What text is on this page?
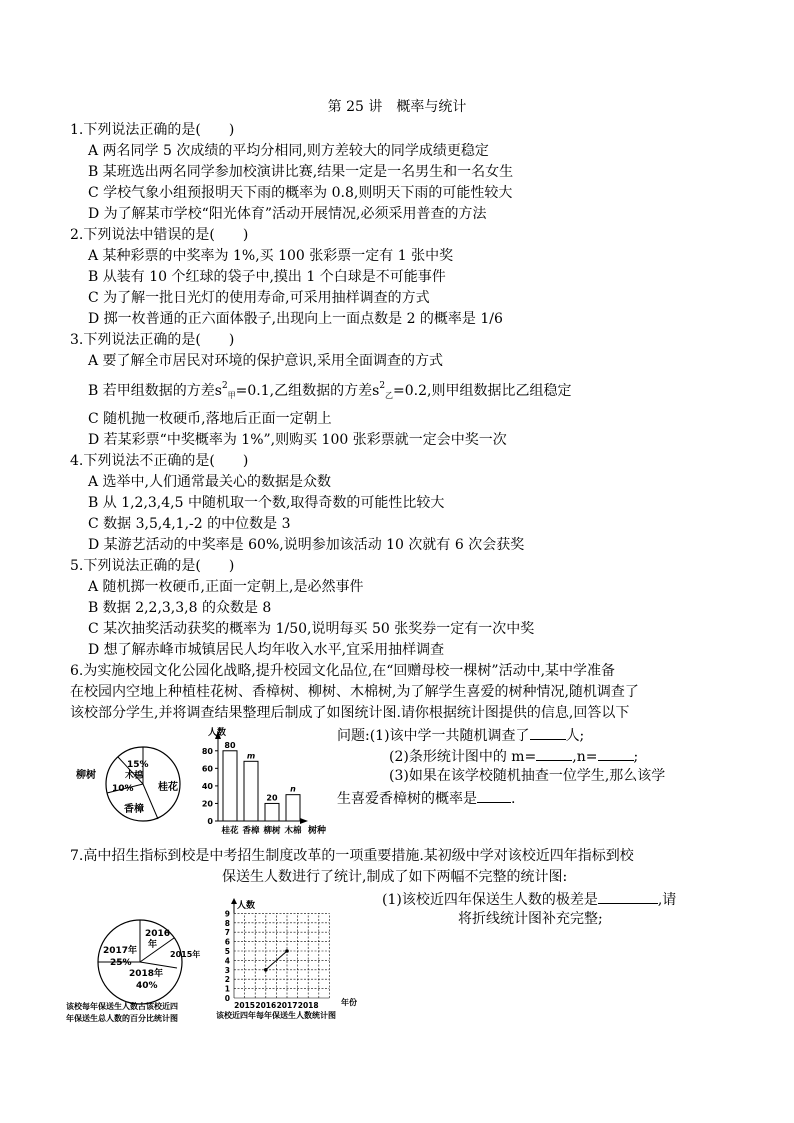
第 25 讲　概率与统计
1.下列说法正确的是(　　)
A 两名同学 5 次成绩的平均分相同,则方差较大的同学成绩更稳定
B 某班选出两名同学参加校演讲比赛,结果一定是一名男生和一名女生
C 学校气象小组预报明天下雨的概率为 0.8,则明天下雨的可能性较大
D 为了解某市学校“阳光体育”活动开展情况,必须采用普查的方法
2.下列说法中错误的是(　　)
A 某种彩票的中奖率为 1%,买 100 张彩票一定有 1 张中奖
B 从装有 10 个红球的袋子中,摸出 1 个白球是不可能事件
C 为了解一批日光灯的使用寿命,可采用抽样调查的方式
D 掷一枚普通的正六面体骰子,出现向上一面点数是 2 的概率是 1/6
3.下列说法正确的是(　　)
A 要了解全市居民对环境的保护意识,采用全面调查的方式
B 若甲组数据的方差$s^2_甲=0.1$,乙组数据的方差$s^2_乙=0.2$,则甲组数据比乙组稳定
C 随机抛一枚硬币,落地后正面一定朝上
D 若某彩票“中奖概率为 1%”,则购买 100 张彩票就一定会中奖一次
4.下列说法不正确的是(　　)
A 选举中,人们通常最关心的数据是众数
B 从 1,2,3,4,5 中随机取一个数,取得奇数的可能性比较大
C 数据 3,5,4,1,-2 的中位数是 3
D 某游艺活动的中奖率是 60%,说明参加该活动 10 次就有 6 次会获奖
5.下列说法正确的是(　　)
A 随机掷一枚硬币,正面一定朝上,是必然事件
B 数据 2,2,3,3,8 的众数是 8
C 某次抽奖活动获奖的概率为 1/50,说明每买 50 张奖券一定有一次中奖
D 想了解赤峰市城镇居民人均年收入水平,宜采用抽样调查
6.为实施校园文化公园化战略,提升校园文化品位,在“回赠母校一棵树”活动中,某中学准备
在校园内空地上种植桂花树、香樟树、柳树、木棉树,为了解学生喜爱的树种情况,随机调查了
该校部分学生,并将调查结果整理后制成了如图统计图.请你根据统计图提供的信息,回答以下
问题:(1)该中学一共随机调查了	人;
(2)条形统计图中的 m=	,n=	;
(3)如果在该学校随机抽查一位学生,那么该学
生喜爱香樟树的概率是 .
柳树
15%
木棉
10% 桂花
香樟
人数
树种
0
20
40
60
80
80
桂花
m
香樟
20
柳树
n
木棉
7.高中招生指标到校是中考招生制度改革的一项重要措施.某初级中学对该校近四年指标到校
保送生人数进行了统计,制成了如下两幅不完整的统计图:
(1)该校近四年保送生人数的极差是	,请
将折线统计图补充完整;
2016
年
2015年
2017年
25%
2018年
40%
该校每年保送生人数占该校近四
年保送生总人数的百分比统计图
人数
年份
该校近四年每年保送生人数统计图
0
1
2
3
4
5
6
7
8
9
2015 2016 2017 2018
